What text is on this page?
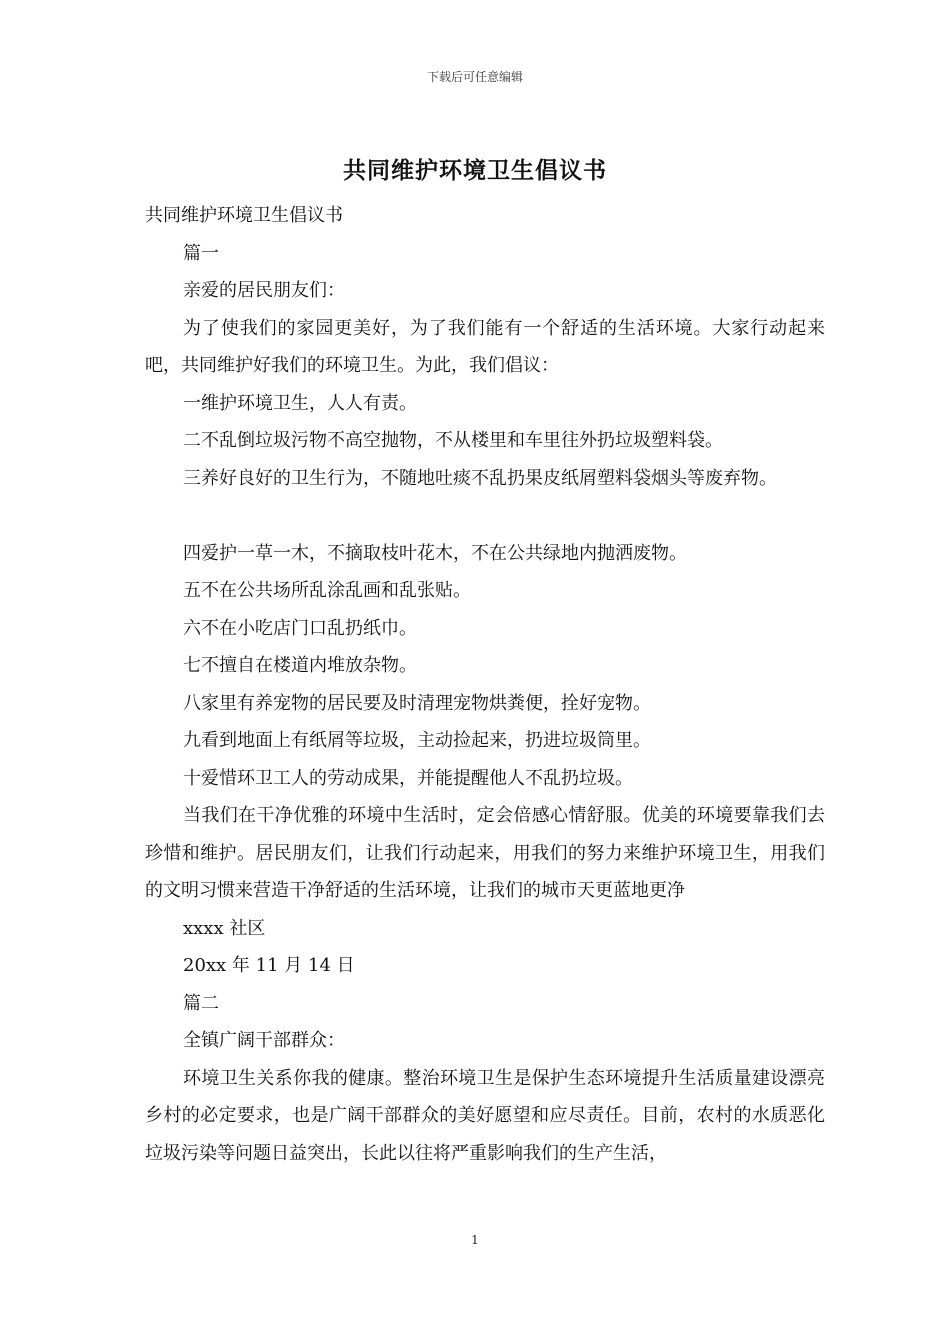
下载后可任意编辑
共同维护环境卫生倡议书

共同维护环境卫生倡议书

篇一

亲爱的居民朋友们：

为了使我们的家园更美好，为了我们能有一个舒适的生活环境。大家行动起来吧，共同维护好我们的环境卫生。为此，我们倡议：

一维护环境卫生，人人有责。

二不乱倒垃圾污物不高空抛物，不从楼里和车里往外扔垃圾塑料袋。

三养好良好的卫生行为，不随地吐痰不乱扔果皮纸屑塑料袋烟头等废弃物。

四爱护一草一木，不摘取枝叶花木，不在公共绿地内抛洒废物。

五不在公共场所乱涂乱画和乱张贴。

六不在小吃店门口乱扔纸巾。

七不擅自在楼道内堆放杂物。

八家里有养宠物的居民要及时清理宠物烘粪便，拴好宠物。

九看到地面上有纸屑等垃圾，主动捡起来，扔进垃圾筒里。

十爱惜环卫工人的劳动成果，并能提醒他人不乱扔垃圾。

当我们在干净优雅的环境中生活时，定会倍感心情舒服。优美的环境要靠我们去珍惜和维护。居民朋友们，让我们行动起来，用我们的努力来维护环境卫生，用我们的文明习惯来营造干净舒适的生活环境，让我们的城市天更蓝地更净

xxxx 社区

20xx 年 11 月 14 日

篇二

全镇广阔干部群众：

环境卫生关系你我的健康。整治环境卫生是保护生态环境提升生活质量建设漂亮乡村的必定要求，也是广阔干部群众的美好愿望和应尽责任。目前，农村的水质恶化垃圾污染等问题日益突出，长此以往将严重影响我们的生产生活，

1
